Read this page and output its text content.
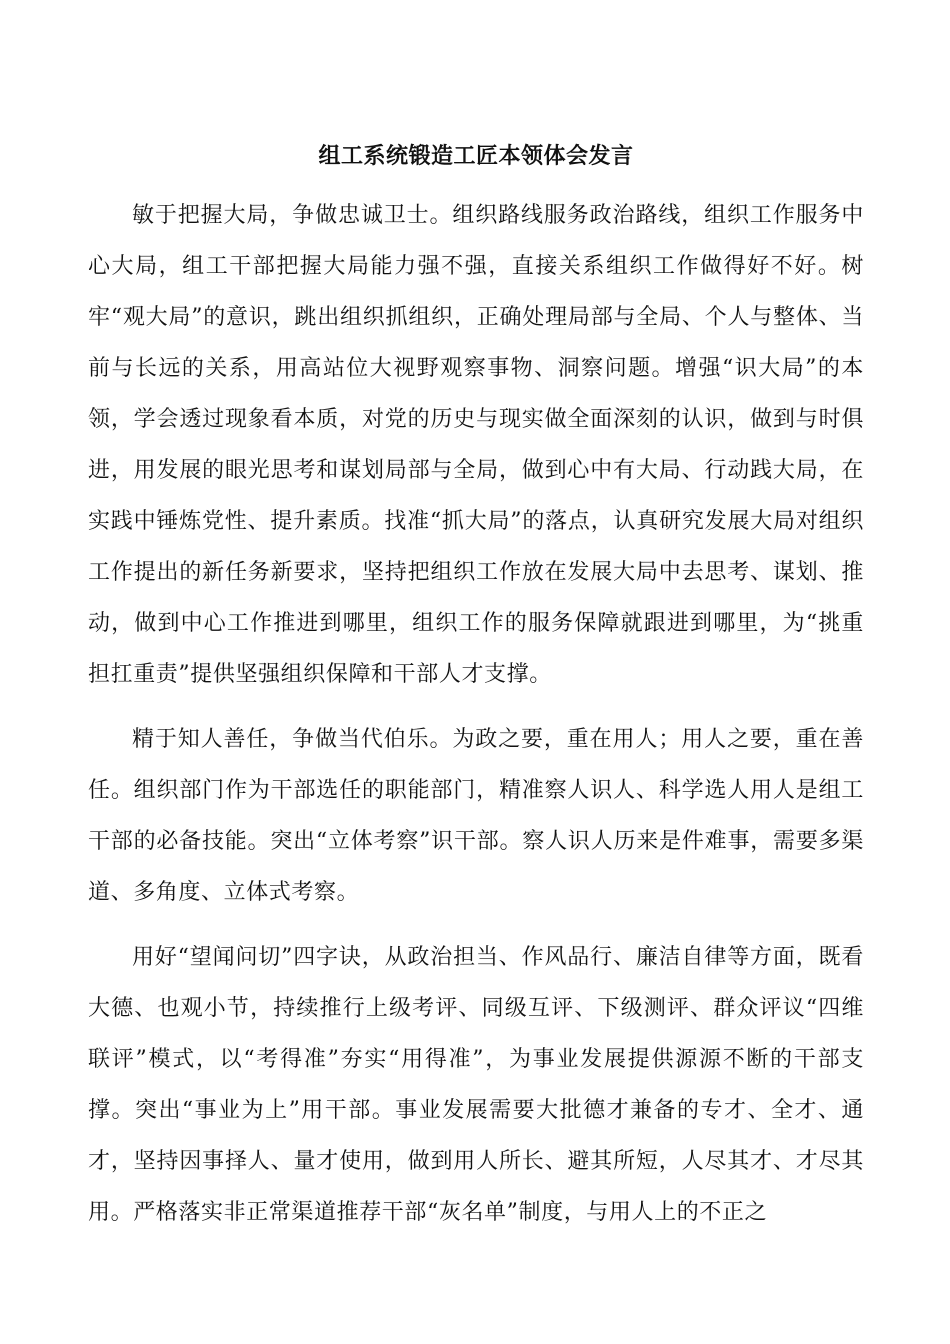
组工系统锻造工匠本领体会发言

敏于把握大局，争做忠诚卫士。组织路线服务政治路线，组织工作服务中心大局，组工干部把握大局能力强不强，直接关系组织工作做得好不好。树牢“观大局”的意识，跳出组织抓组织，正确处理局部与全局、个人与整体、当前与长远的关系，用高站位大视野观察事物、洞察问题。增强“识大局”的本领，学会透过现象看本质，对党的历史与现实做全面深刻的认识，做到与时俱进，用发展的眼光思考和谋划局部与全局，做到心中有大局、行动践大局，在实践中锤炼党性、提升素质。找准“抓大局”的落点，认真研究发展大局对组织工作提出的新任务新要求，坚持把组织工作放在发展大局中去思考、谋划、推动，做到中心工作推进到哪里，组织工作的服务保障就跟进到哪里，为“挑重担扛重责”提供坚强组织保障和干部人才支撑。

精于知人善任，争做当代伯乐。为政之要，重在用人；用人之要，重在善任。组织部门作为干部选任的职能部门，精准察人识人、科学选人用人是组工干部的必备技能。突出“立体考察”识干部。察人识人历来是件难事，需要多渠道、多角度、立体式考察。

用好“望闻问切”四字诀，从政治担当、作风品行、廉洁自律等方面，既看大德、也观小节，持续推行上级考评、同级互评、下级测评、群众评议“四维联评”模式，以“考得准”夯实“用得准”，为事业发展提供源源不断的干部支撑。突出“事业为上”用干部。事业发展需要大批德才兼备的专才、全才、通才，坚持因事择人、量才使用，做到用人所长、避其所短，人尽其才、才尽其用。严格落实非正常渠道推荐干部“灰名单”制度，与用人上的不正之
